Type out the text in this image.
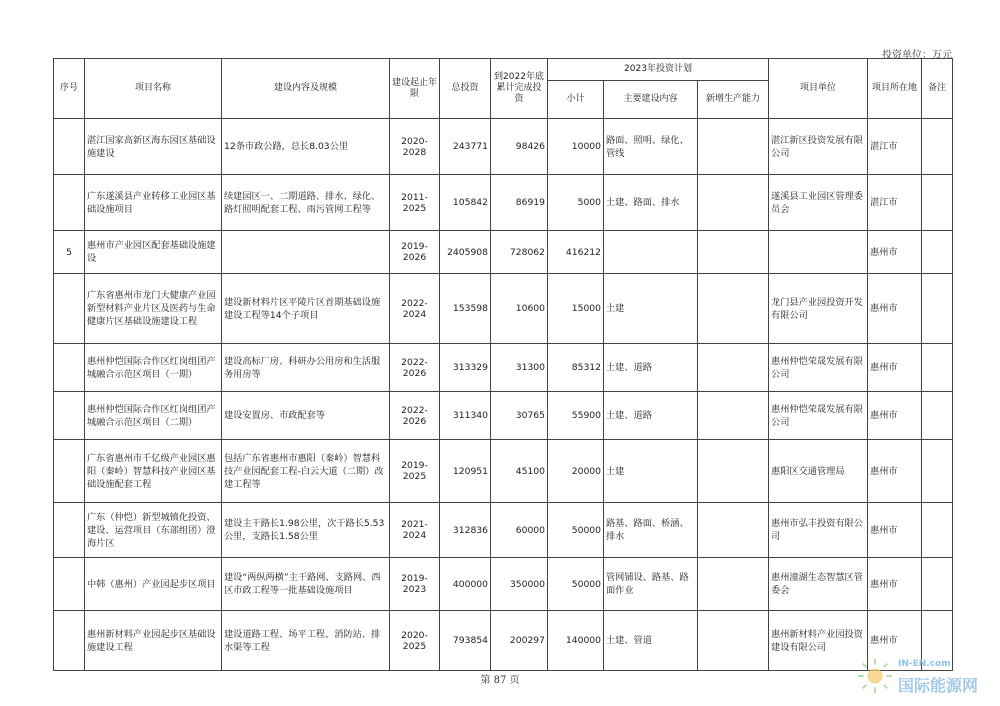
投资单位：万元
序号	项目名称	建设内容及规模	建设起止年限	总投资	到2022年底累计完成投资	2023年投资计划			项目单位	项目所在地	备注
						小计	主要建设内容	新增生产能力			
	湛江国家高新区海东园区基础设施建设	12条市政公路，总长8.03公里	2020-2028	243771	98426	10000	路面、照明、绿化、管线		湛江新区投资发展有限公司	湛江市	
	广东遂溪县产业转移工业园区基础设施项目	续建园区一、二期道路、排水、绿化、路灯照明配套工程、雨污管网工程等	2011-2025	105842	86919	5000	土建、路面、排水		遂溪县工业园区管理委员会	湛江市	
5	惠州市产业园区配套基础设施建设		2019-2026	2405908	728062	416212				惠州市	
	广东省惠州市龙门大健康产业园新型材料产业片区及医药与生命健康片区基础设施建设工程	建设新材料片区平陵片区首期基础设施建设工程等14个子项目	2022-2024	153598	10600	15000	土建		龙门县产业园投资开发有限公司	惠州市	
	惠州仲恺国际合作区红岗组团产城融合示范区项目（一期）	建设高标厂房、科研办公用房和生活服务用房等	2022-2026	313329	31300	85312	土建、道路		惠州仲恺荣晟发展有限公司	惠州市	
	惠州仲恺国际合作区红岗组团产城融合示范区项目（二期）	建设安置房、市政配套等	2022-2026	311340	30765	55900	土建、道路		惠州仲恺荣晟发展有限公司	惠州市	
	广东省惠州市千亿级产业园区惠阳（秦岭）智慧科技产业园区基础设施配套工程	包括广东省惠州市惠阳（秦岭）智慧科技产业园配套工程-白云大道（二期）改建工程等	2019-2025	120951	45100	20000	土建		惠阳区交通管理局	惠州市	
	广东（仲恺）新型城镇化投资、建设、运营项目（东部组团）澄海片区	建设主干路长1.98公里，次干路长5.53公里，支路长1.58公里	2021-2024	312836	60000	50000	路基、路面、桥涵、排水		惠州市弘丰投资有限公司	惠州市	
	中韩（惠州）产业园起步区项目	建设“两纵两横”主干路网、支路网、西区市政工程等一批基础设施项目	2019-2023	400000	350000	50000	管网铺设、路基、路面作业		惠州潼湖生态智慧区管委会	惠州市	
	惠州新材料产业园起步区基础设施建设工程	建设道路工程、场平工程、消防站、排水渠等工程	2020-2025	793854	200297	140000	土建、管道		惠州新材料产业园投资建设有限公司	惠州市	
第 87 页
IN-EN.com
国际能源网
